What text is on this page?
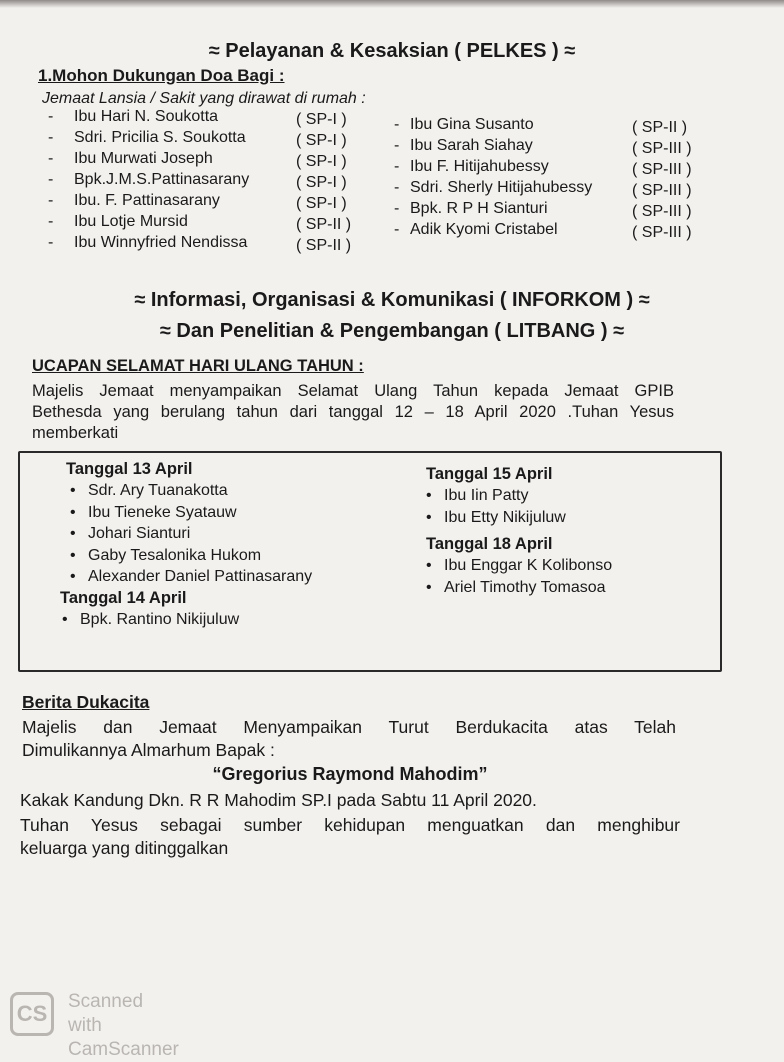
≈ Pelayanan & Kesaksian ( PELKES ) ≈
1.Mohon Dukungan Doa Bagi :
Jemaat Lansia / Sakit yang dirawat di rumah :
- Ibu Hari N. Soukotta	( SP-I )
- Sdri. Pricilia S. Soukotta	( SP-I )
- Ibu Murwati Joseph	( SP-I )
- Bpk.J.M.S.Pattinasarany	( SP-I )
- Ibu. F. Pattinasarany	( SP-I )
- Ibu Lotje Mursid	( SP-II )
- Ibu Winnyfried Nendissa	( SP-II )
- Ibu Gina Susanto	( SP-II )
- Ibu Sarah Siahay	( SP-III )
- Ibu F. Hitijahubessy	( SP-III )
- Sdri. Sherly Hitijahubessy ( SP-III )
- Bpk. R P H Sianturi	( SP-III )
- Adik Kyomi Cristabel	( SP-III )
≈ Informasi, Organisasi & Komunikasi ( INFORKOM ) ≈
≈ Dan Penelitian & Pengembangan ( LITBANG ) ≈
UCAPAN SELAMAT HARI ULANG TAHUN :
Majelis Jemaat menyampaikan Selamat Ulang Tahun kepada Jemaat GPIB
Bethesda yang berulang tahun dari tanggal 12 – 18 April 2020 .Tuhan Yesus
memberkati
Tanggal 13 April
• Sdr. Ary Tuanakotta
• Ibu Tieneke Syatauw
• Johari Sianturi
• Gaby Tesalonika Hukom
• Alexander Daniel Pattinasarany
Tanggal 14 April
• Bpk. Rantino Nikijuluw
Tanggal 15 April
• Ibu Iin Patty
• Ibu Etty Nikijuluw
Tanggal 18 April
• Ibu Enggar K Kolibonso
• Ariel Timothy Tomasoa
Berita Dukacita
Majelis dan Jemaat Menyampaikan Turut Berdukacita atas Telah
Dimulikannya Almarhum Bapak :
“Gregorius Raymond Mahodim”
Kakak Kandung Dkn. R R Mahodim SP.I pada Sabtu 11 April 2020.
Tuhan Yesus sebagai sumber kehidupan menguatkan dan menghibur
keluarga yang ditinggalkan
CS	Scanned with
CamScanner
